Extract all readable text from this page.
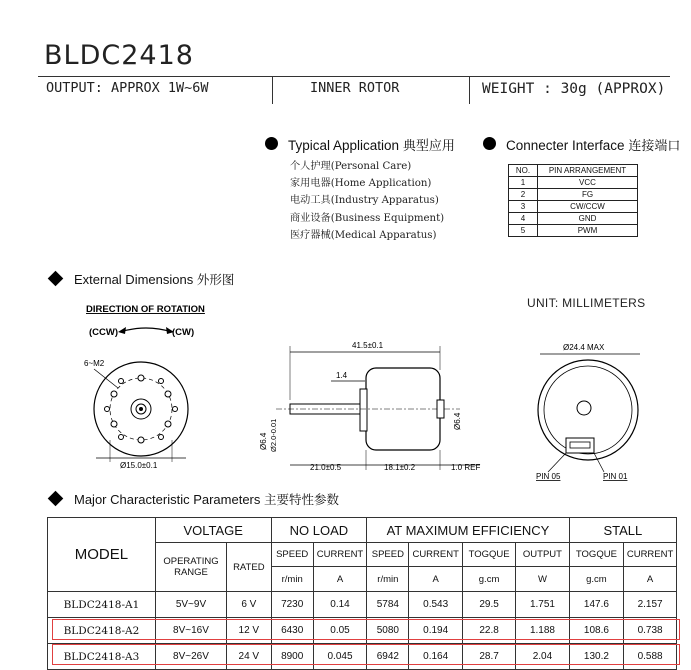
BLDC2418
OUTPUT: APPROX 1W~6W	INNER ROTOR	WEIGHT : 30g (APPROX)
Typical Application 典型应用
个人护理(Personal Care)
家用电器(Home Application)
电动工具(Industry Apparatus)
商业设备(Business Equipment)
医疗器械(Medical Apparatus)
Connecter Interface 连接端口
NO.	PIN ARRANGEMENT
1	VCC
2	FG
3	CW/CCW
4	GND
5	PWM
External Dimensions 外形图
UNIT: MILLIMETERS
DIRECTION OF ROTATION
(CCW)	(CW)
6~M2
Ø15.0±0.1
41.5±0.1
1.4
Ø6.4
Ø6.4 Ø2.0-0.01
21.0±0.5	18.1±0.2	1.0 REF
Ø24.4 MAX
PIN 05	PIN 01
Major Characteristic Parameters 主要特性参数
MODEL	VOLTAGE		NO LOAD		AT MAXIMUM EFFICIENCY				STALL	
	OPERATING RANGE	RATED	SPEED	CURRENT	SPEED	CURRENT	TOGQUE	OUTPUT	TOGQUE	CURRENT
			r/min	A	r/min	A	g.cm	W	g.cm	A
BLDC2418-A1	5V~9V	6 V	7230	0.14	5784	0.543	29.5	1.751	147.6	2.157
BLDC2418-A2	8V~16V	12 V	6430	0.05	5080	0.194	22.8	1.188	108.6	0.738
BLDC2418-A3	8V~26V	24 V	8900	0.045	6942	0.164	28.7	2.04	130.2	0.588
